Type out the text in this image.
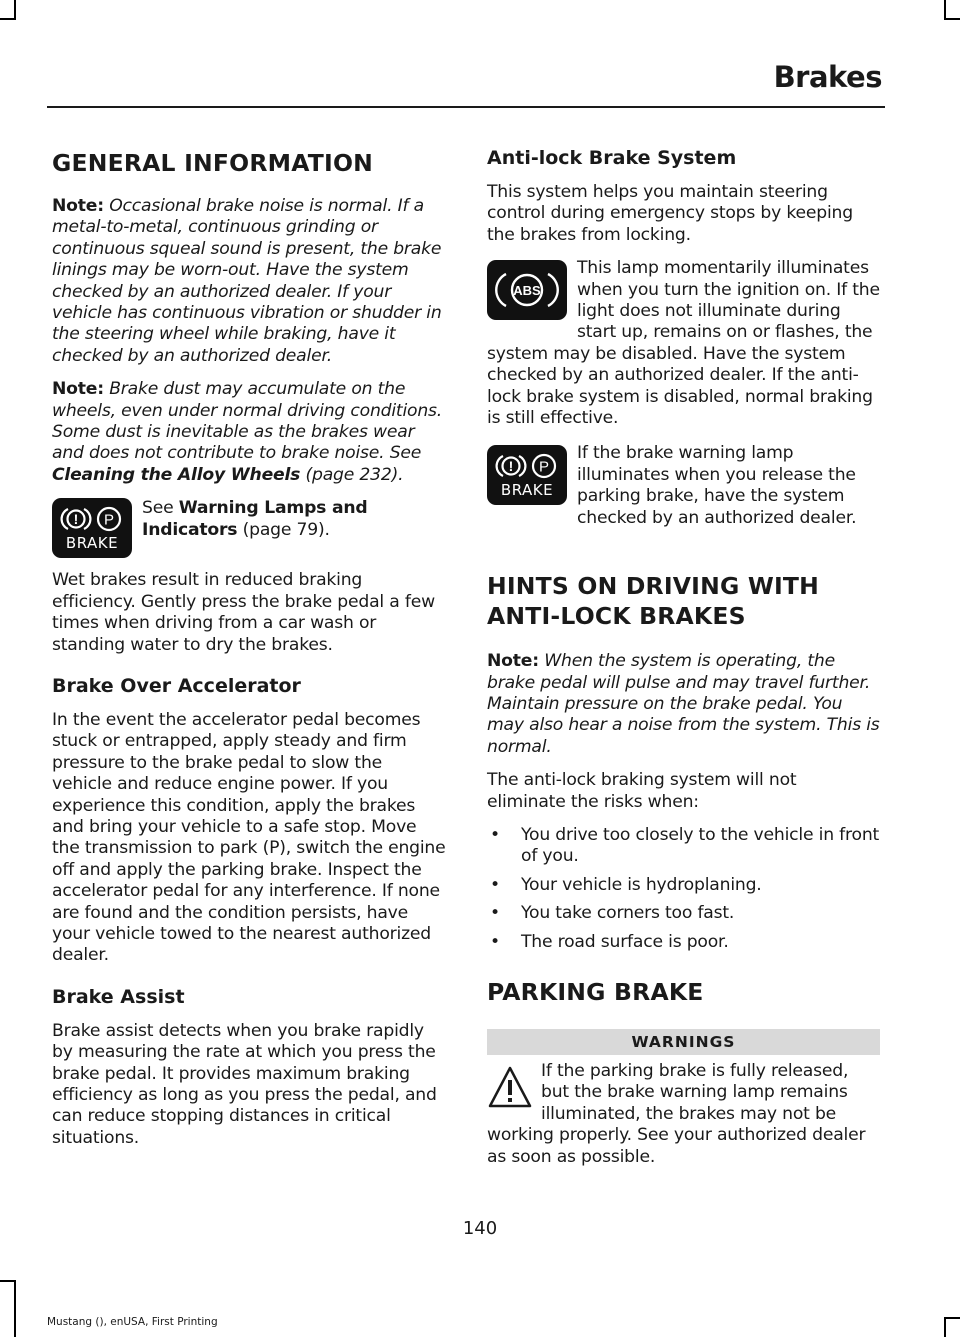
Brakes
GENERAL INFORMATION

Note: Occasional brake noise is normal. If a metal-to-metal, continuous grinding or continuous squeal sound is present, the brake linings may be worn-out. Have the system checked by an authorized dealer. If your vehicle has continuous vibration or shudder in the steering wheel while braking, have it checked by an authorized dealer.

Note: Brake dust may accumulate on the wheels, even under normal driving conditions. Some dust is inevitable as the brakes wear and does not contribute to brake noise. See Cleaning the Alloy Wheels (page 232).

! P
BRAKE

See Warning Lamps and Indicators (page 79).

Wet brakes result in reduced braking efficiency. Gently press the brake pedal a few times when driving from a car wash or standing water to dry the brakes.

Brake Over Accelerator

In the event the accelerator pedal becomes stuck or entrapped, apply steady and firm pressure to the brake pedal to slow the vehicle and reduce engine power. If you experience this condition, apply the brakes and bring your vehicle to a safe stop. Move the transmission to park (P), switch the engine off and apply the parking brake. Inspect the accelerator pedal for any interference. If none are found and the condition persists, have your vehicle towed to the nearest authorized dealer.

Brake Assist

Brake assist detects when you brake rapidly by measuring the rate at which you press the brake pedal. It provides maximum braking efficiency as long as you press the pedal, and can reduce stopping distances in critical situations.

Anti-lock Brake System

This system helps you maintain steering control during emergency stops by keeping the brakes from locking.

ABS

This lamp momentarily illuminates when you turn the ignition on. If the light does not illuminate during start up, remains on or flashes, the system may be disabled. Have the system checked by an authorized dealer. If the anti-lock brake system is disabled, normal braking is still effective.

! P
BRAKE

If the brake warning lamp illuminates when you release the parking brake, have the system checked by an authorized dealer.

HINTS ON DRIVING WITH
ANTI-LOCK BRAKES

Note: When the system is operating, the brake pedal will pulse and may travel further. Maintain pressure on the brake pedal. You may also hear a noise from the system. This is normal.

The anti-lock braking system will not eliminate the risks when:

• You drive too closely to the vehicle in front of you.
• Your vehicle is hydroplaning.
• You take corners too fast.
• The road surface is poor.
PARKING BRAKE
WARNINGS

If the parking brake is fully released, but the brake warning lamp remains illuminated, the brakes may not be working properly. See your authorized dealer as soon as possible.

140
Mustang (), enUSA, First Printing
